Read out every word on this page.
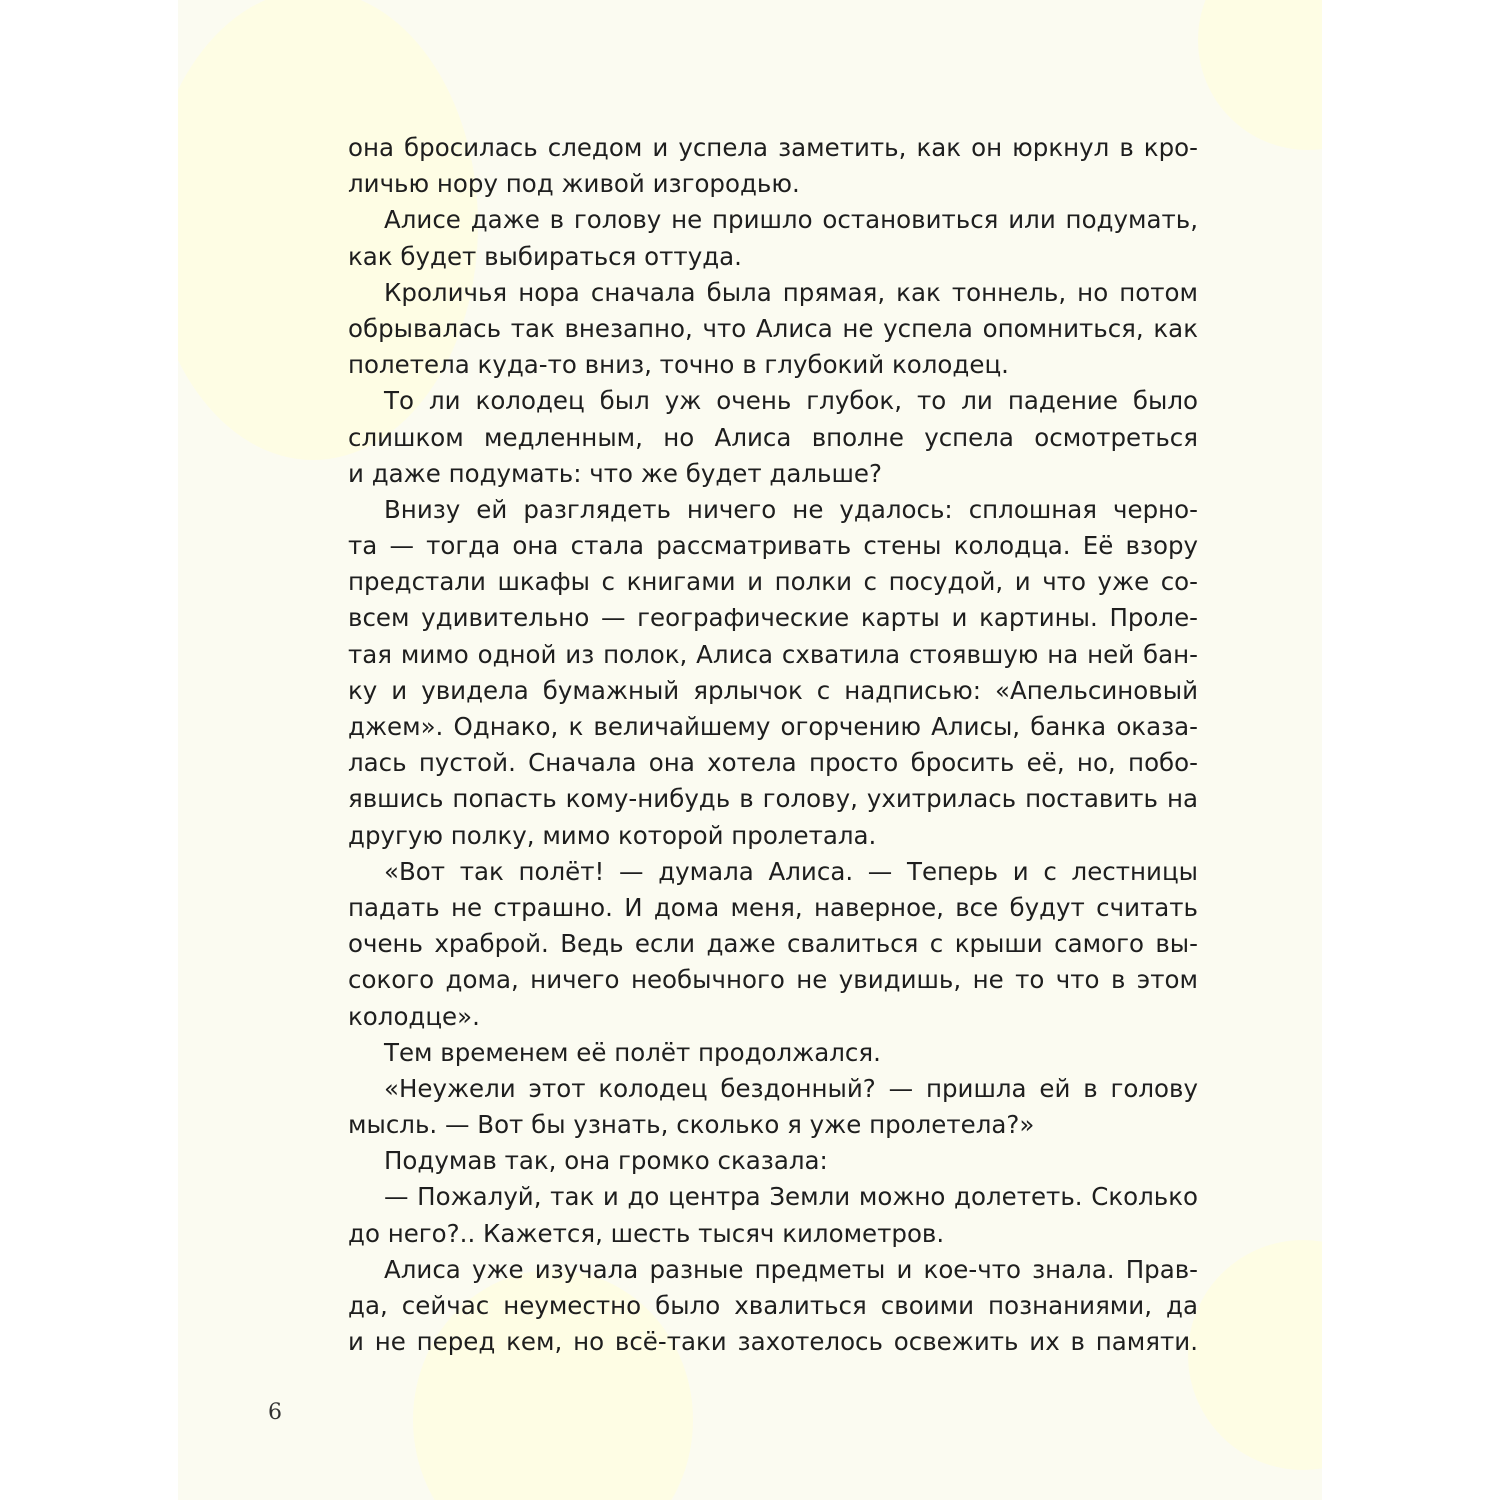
она бросилась следом и успела заметить, как он юркнул в кро-
личью нору под живой изгородью.
Алисе даже в голову не пришло остановиться или подумать,
как будет выбираться оттуда.
Кроличья нора сначала была прямая, как тоннель, но потом
обрывалась так внезапно, что Алиса не успела опомниться, как
полетела куда-то вниз, точно в глубокий колодец.
То ли колодец был уж очень глубок, то ли падение было
слишком медленным, но Алиса вполне успела осмотреться
и даже подумать: что же будет дальше?
Внизу ей разглядеть ничего не удалось: сплошная черно-
та — тогда она стала рассматривать стены колодца. Её взору
предстали шкафы с книгами и полки с посудой, и что уже со-
всем удивительно — географические карты и картины. Проле-
тая мимо одной из полок, Алиса схватила стоявшую на ней бан-
ку и увидела бумажный ярлычок с надписью: «Апельсиновый
джем». Однако, к величайшему огорчению Алисы, банка оказа-
лась пустой. Сначала она хотела просто бросить её, но, побо-
явшись попасть кому-нибудь в голову, ухитрилась поставить на
другую полку, мимо которой пролетала.
«Вот так полёт! — думала Алиса. — Теперь и с лестницы
падать не страшно. И дома меня, наверное, все будут считать
очень храброй. Ведь если даже свалиться с крыши самого вы-
сокого дома, ничего необычного не увидишь, не то что в этом
колодце».
Тем временем её полёт продолжался.
«Неужели этот колодец бездонный? — пришла ей в голову
мысль. — Вот бы узнать, сколько я уже пролетела?»
Подумав так, она громко сказала:
— Пожалуй, так и до центра Земли можно долететь. Сколько
до него?.. Кажется, шесть тысяч километров.
Алиса уже изучала разные предметы и кое-что знала. Прав-
да, сейчас неуместно было хвалиться своими познаниями, да
и не перед кем, но всё-таки захотелось освежить их в памяти.
6
